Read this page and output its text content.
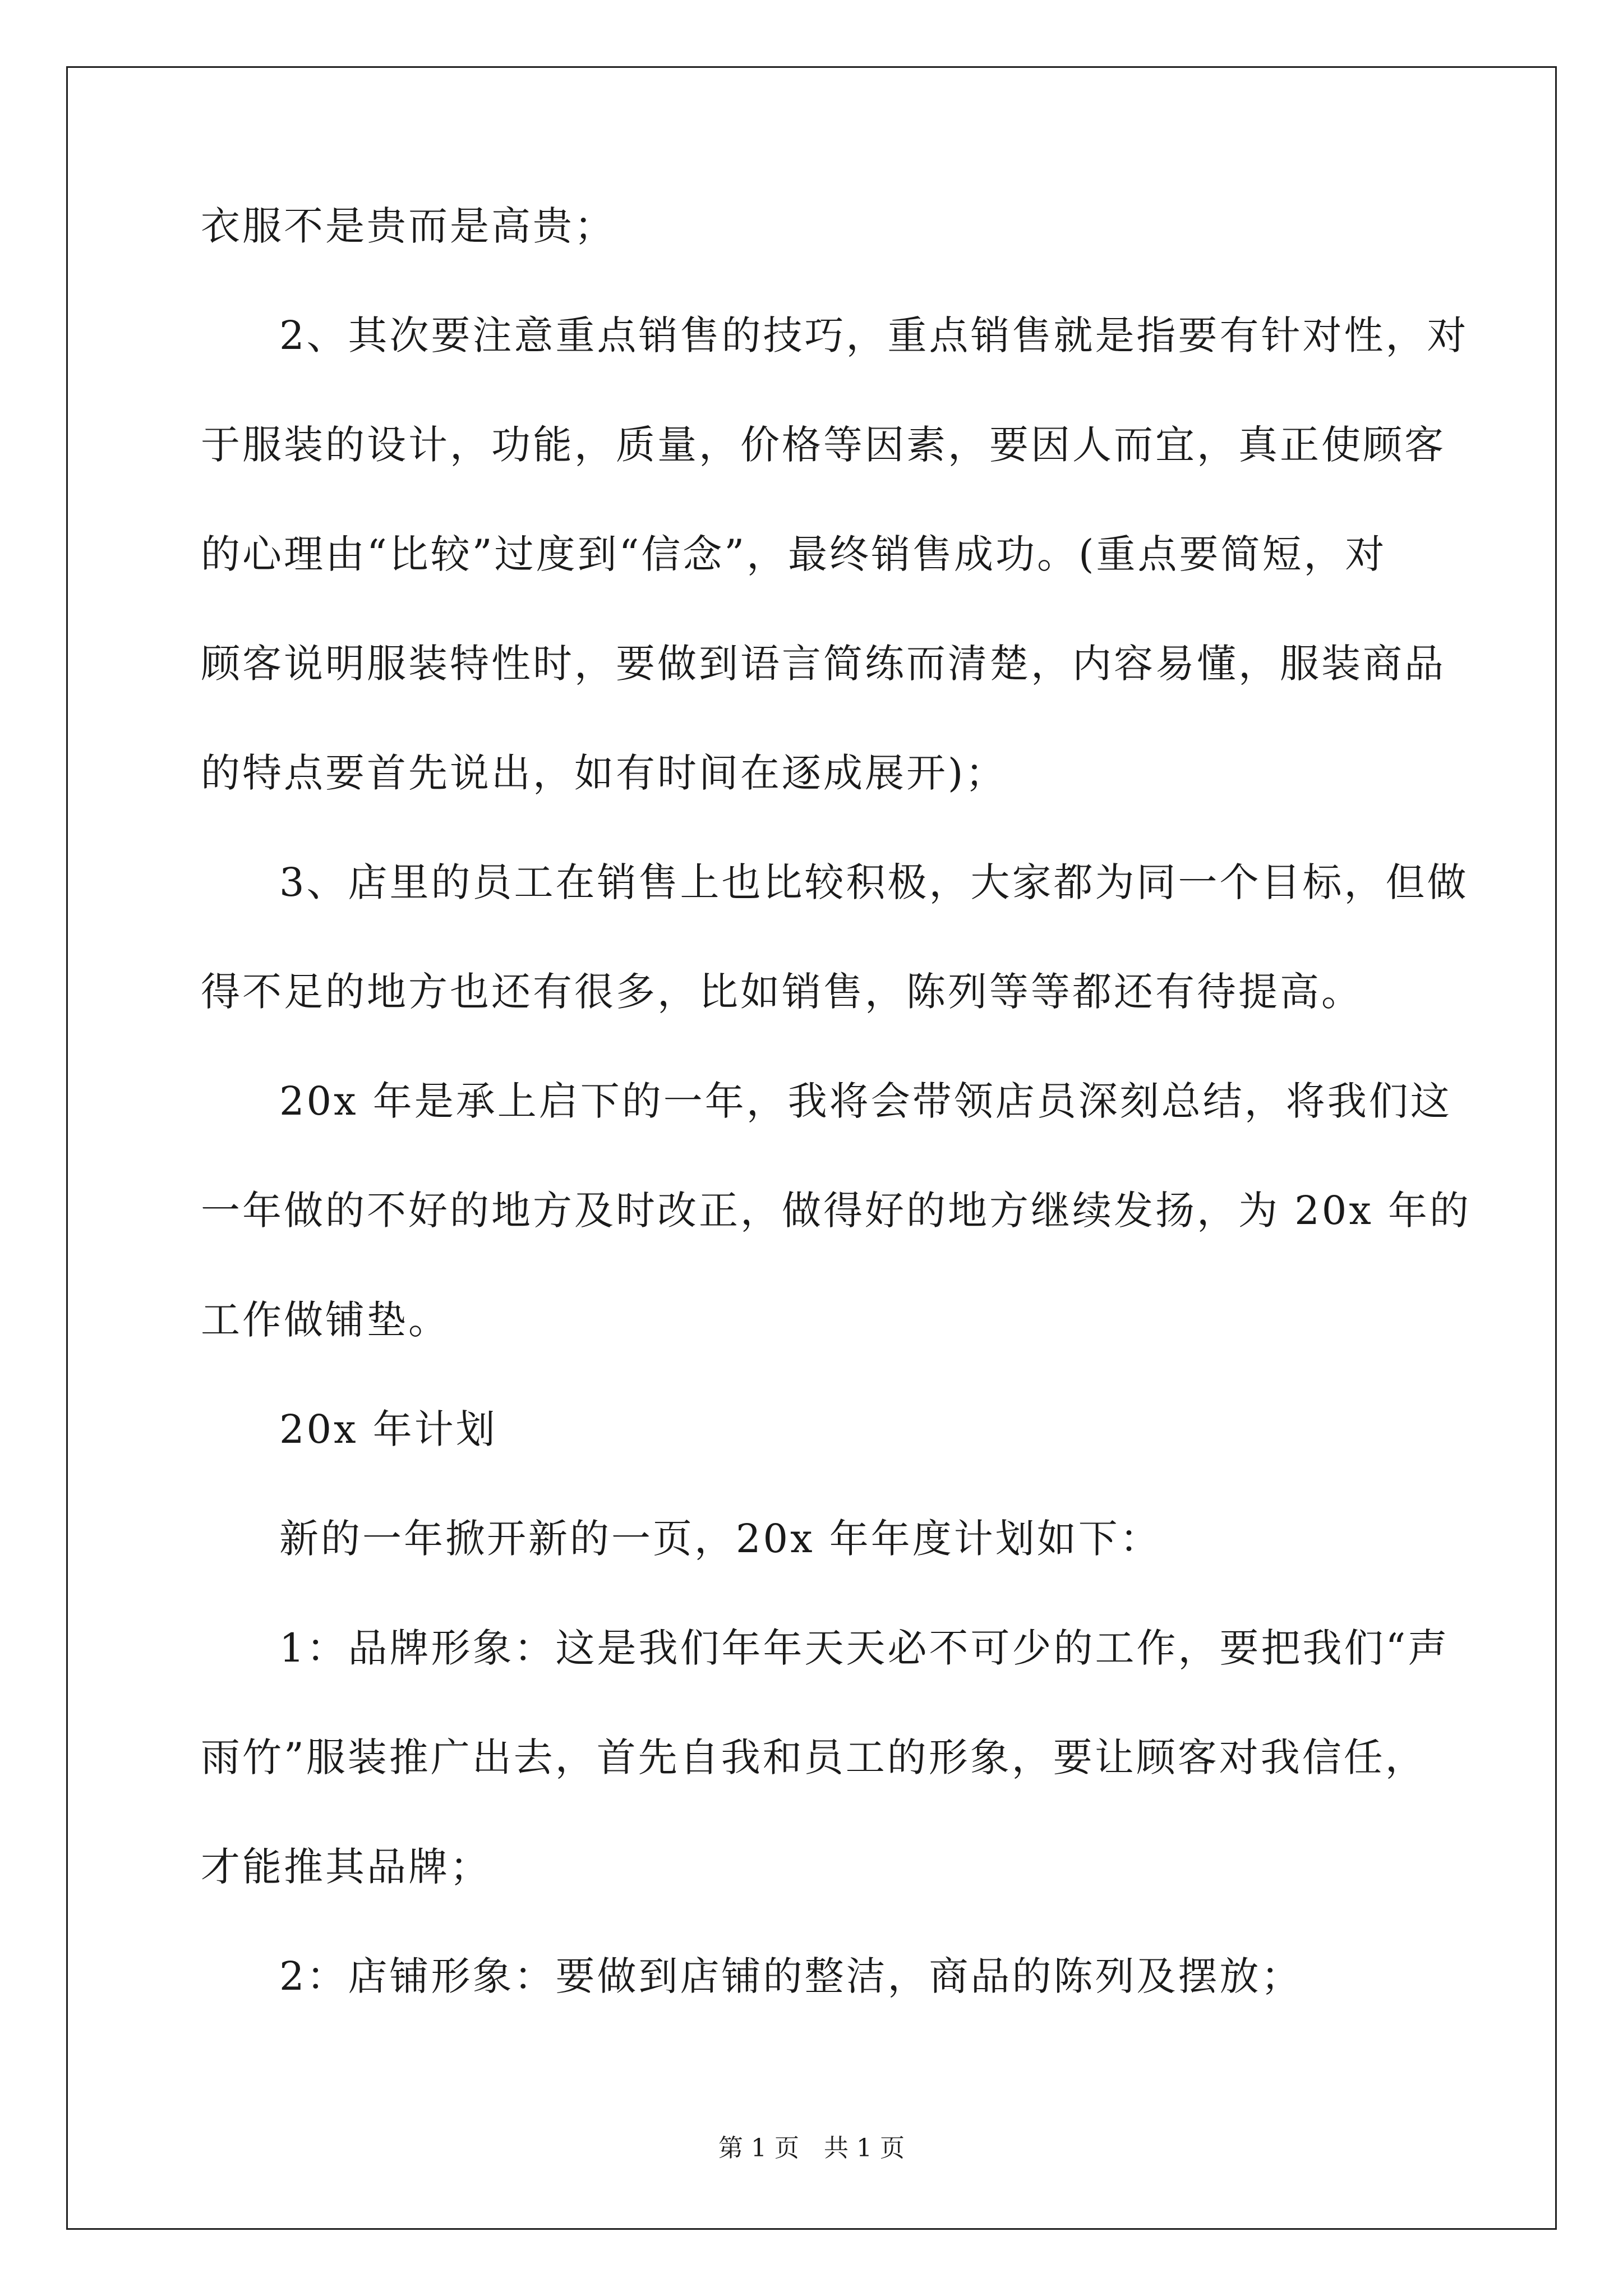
衣服不是贵而是高贵；
2、其次要注意重点销售的技巧，重点销售就是指要有针对性，对
于服装的设计，功能，质量，价格等因素，要因人而宜，真正使顾客
的心理由“比较”过度到“信念”，最终销售成功。(重点要简短，对
顾客说明服装特性时，要做到语言简练而清楚，内容易懂，服装商品
的特点要首先说出，如有时间在逐成展开)；
3、店里的员工在销售上也比较积极，大家都为同一个目标，但做
得不足的地方也还有很多，比如销售，陈列等等都还有待提高。
20x 年是承上启下的一年，我将会带领店员深刻总结，将我们这
一年做的不好的地方及时改正，做得好的地方继续发扬，为 20x 年的
工作做铺垫。
20x 年计划
新的一年掀开新的一页，20x 年年度计划如下：
1：品牌形象：这是我们年年天天必不可少的工作，要把我们“声
雨竹”服装推广出去，首先自我和员工的形象，要让顾客对我信任，
才能推其品牌；
2：店铺形象：要做到店铺的整洁，商品的陈列及摆放；
第 1 页　共 1 页
